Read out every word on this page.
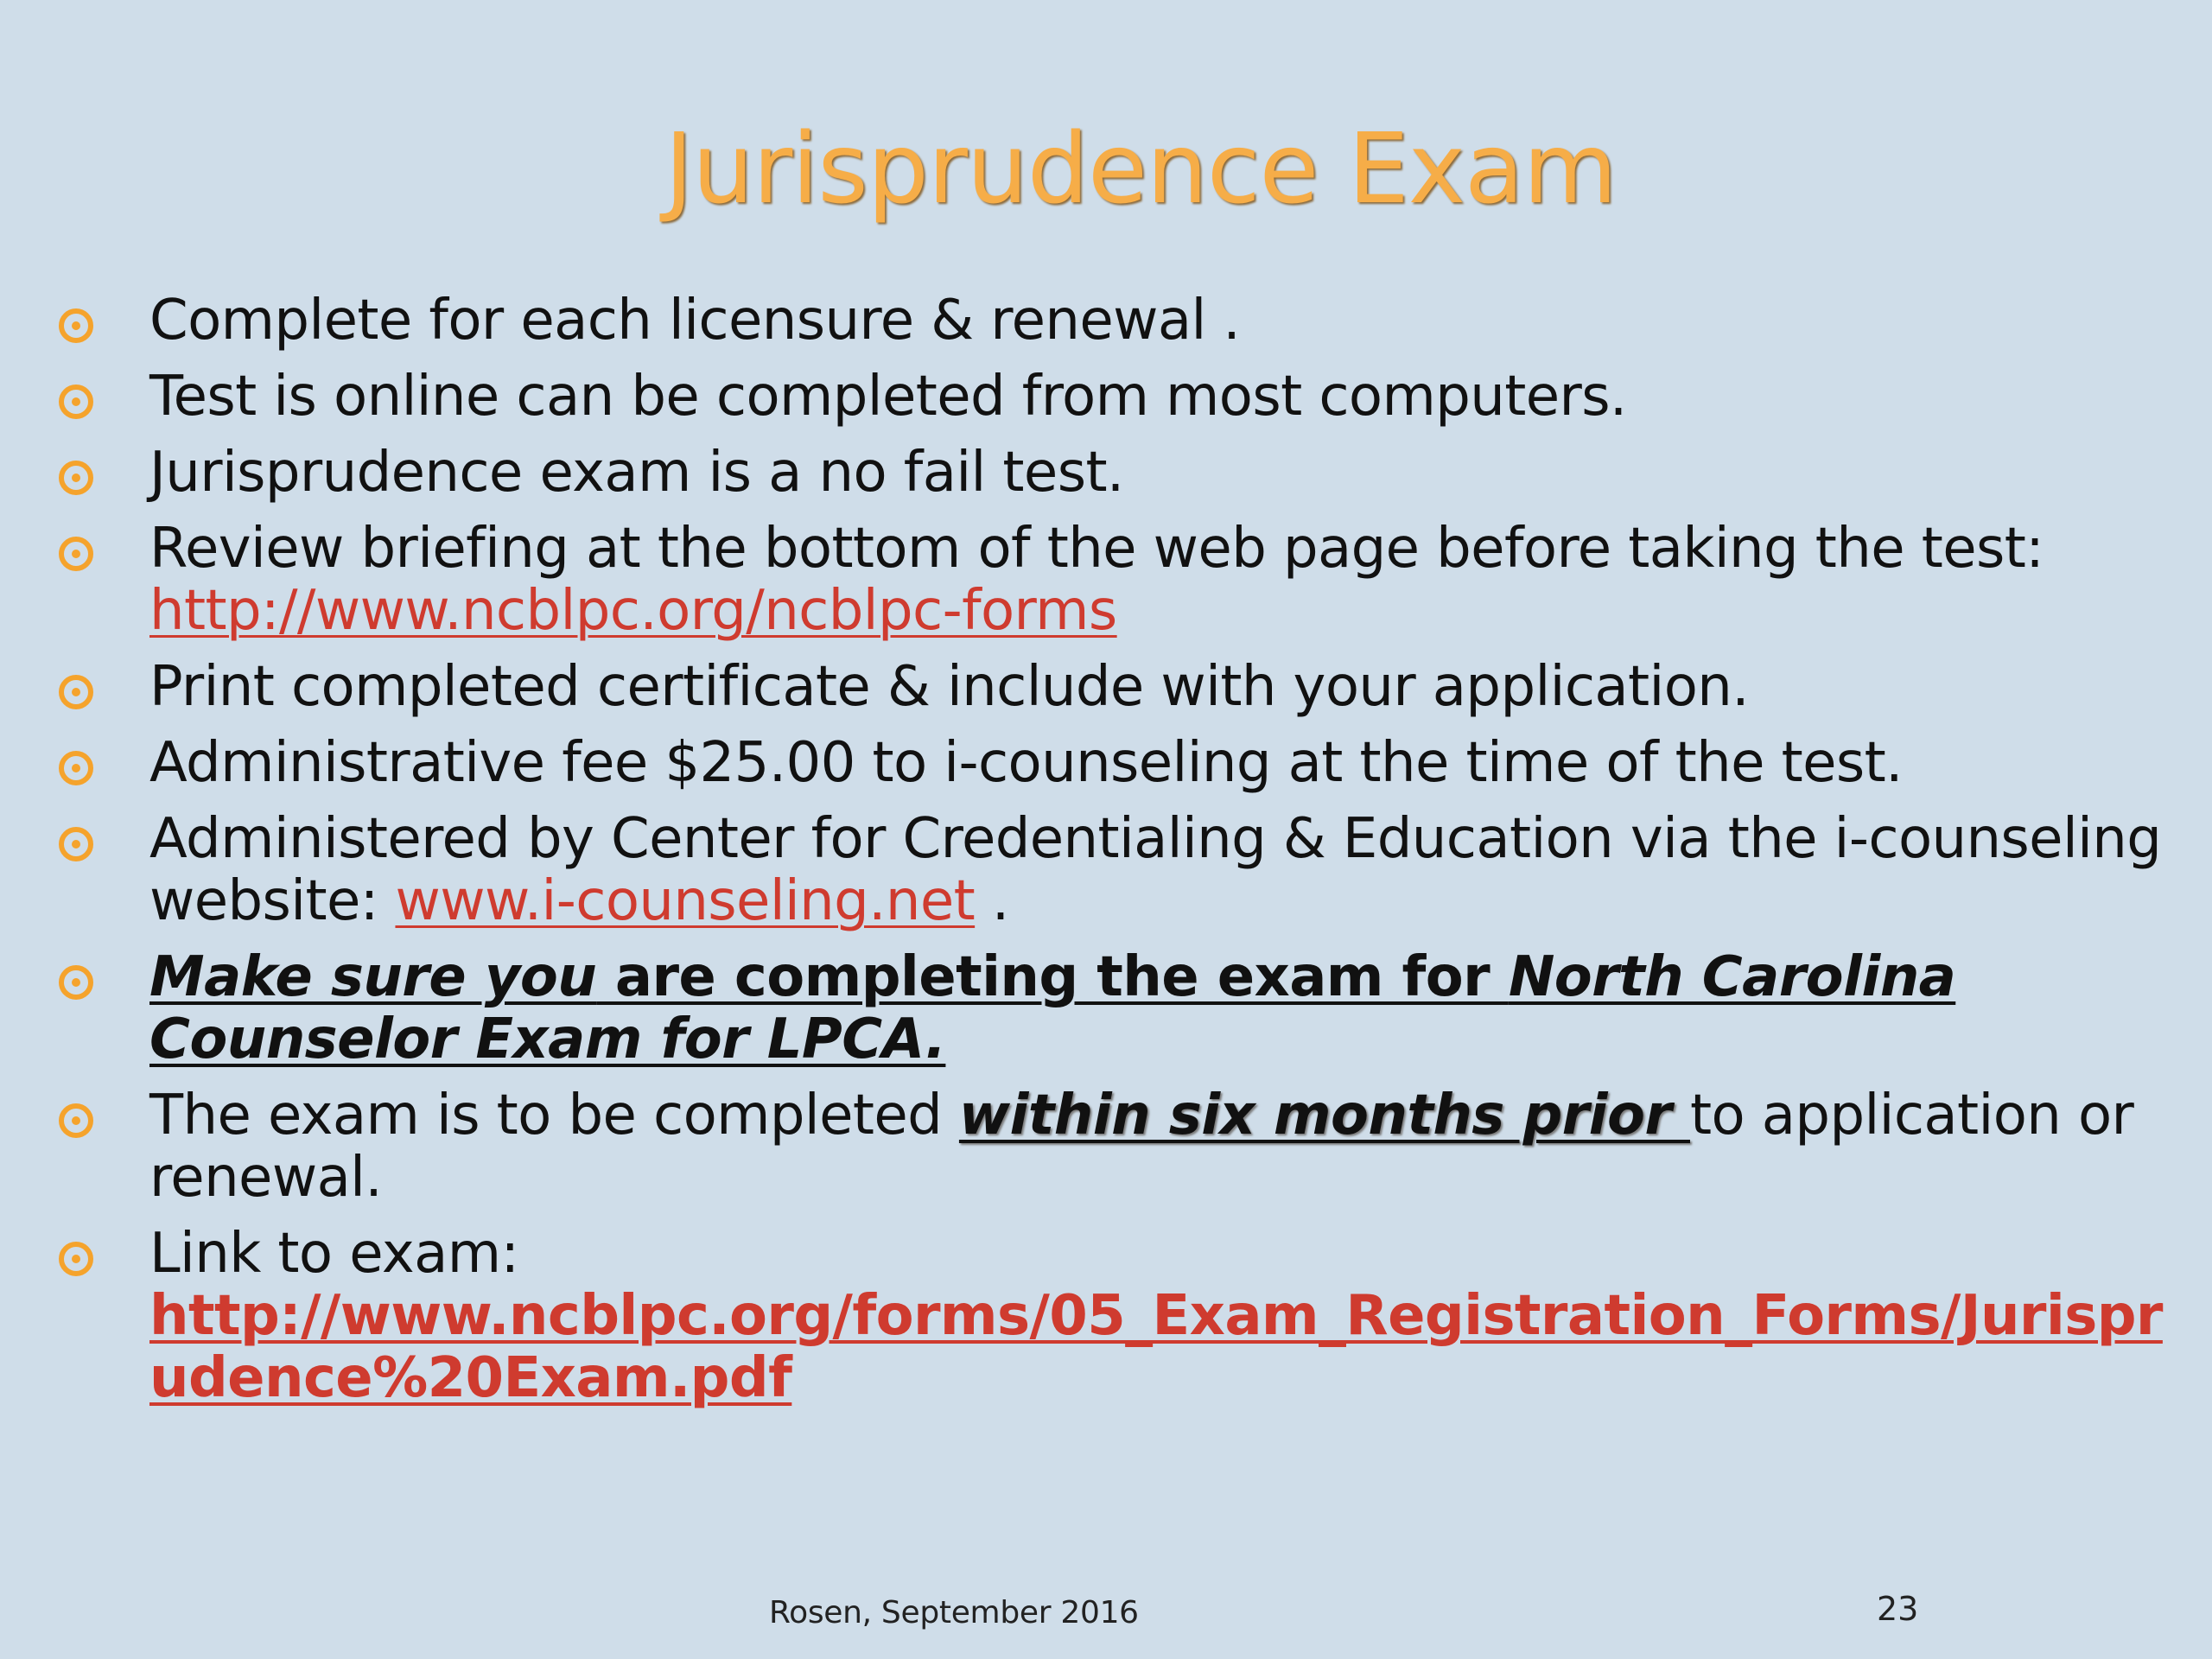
Jurisprudence Exam
Complete for each licensure & renewal .
Test is online can be completed from most computers.
Jurisprudence exam is a no fail test.
Review briefing at the bottom of the web page before taking the test: http://www.ncblpc.org/ncblpc-forms
Print completed certificate & include with your application.
Administrative fee $25.00 to i-counseling at the time of the test.
Administered by Center for Credentialing & Education via the i-counseling website: www.i-counseling.net .
Make sure you are completing the exam for North Carolina Counselor Exam for LPCA.
The exam is to be completed within six months prior to application or renewal.
Link to exam:
http://www.ncblpc.org/forms/05_Exam_Registration_Forms/Jurisprudence%20Exam.pdf
Rosen, September 2016	23
